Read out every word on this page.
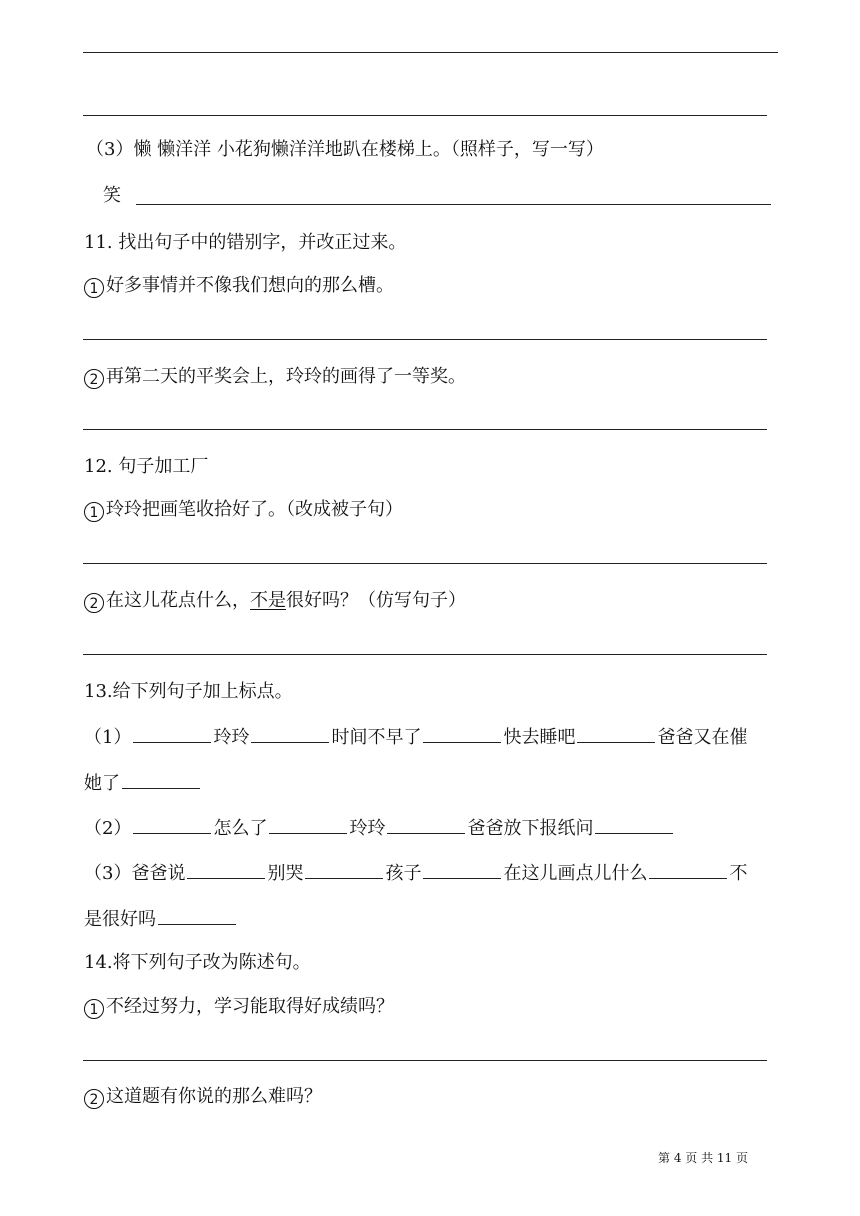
（3）懒 懒洋洋 小花狗懒洋洋地趴在楼梯上。（照样子，写一写）
笑
11. 找出句子中的错别字，并改正过来。
1 好多事情并不像我们想向的那么槽。
2 再第二天的平奖会上，玲玲的画得了一等奖。
12. 句子加工厂
1 玲玲把画笔收拾好了。（改成被子句）
2 在这儿花点什么，不是很好吗？（仿写句子）
13.给下列句子加上标点。
（1）	玲玲	时间不早了	快去睡吧	爸爸又在催
她了
（2）	怎么了	玲玲	爸爸放下报纸问
（3）爸爸说	别哭	孩子	在这儿画点儿什么	不
是很好吗
14.将下列句子改为陈述句。
1 不经过努力，学习能取得好成绩吗？
2 这道题有你说的那么难吗？
第 4 页 共 11 页
